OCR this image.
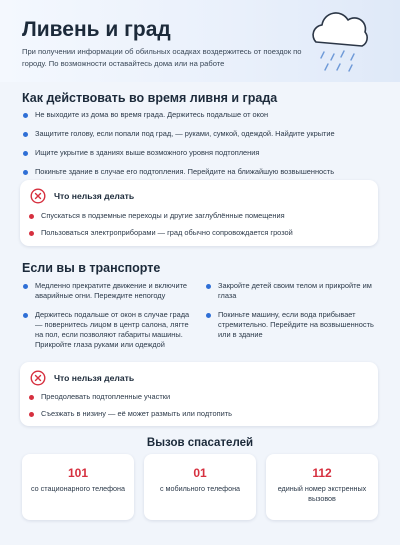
Ливень и град
При получении информации об обильных осадках воздержитесь от поездок по городу. По возможности оставайтесь дома или на работе
Как действовать во время ливня и града
Не выходите из дома во время града. Держитесь подальше от окон
Защитите голову, если попали под град, — руками, сумкой, одеждой. Найдите укрытие
Ищите укрытие в зданиях выше возможного уровня подтопления
Покиньте здание в случае его подтопления. Перейдите на ближайшую возвышенность
Что нельзя делать
Спускаться в подземные переходы и другие заглублённые помещения
Пользоваться электроприборами — град обычно сопровождается грозой
Если вы в транспорте
Медленно прекратите движение и включите аварийные огни. Переждите непогоду
Держитесь подальше от окон в случае града — повернитесь лицом в центр салона, лягте на пол, если позволяют габариты машины. Прикройте глаза руками или одеждой
Закройте детей своим телом и прикройте им глаза
Покиньте машину, если вода прибывает стремительно. Перейдите на возвышенность или в здание
Что нельзя делать
Преодолевать подтопленные участки
Съезжать в низину — её может размыть или подтопить
Вызов спасателей
101
со стационарного телефона
01
с мобильного телефона
112
единый номер экстренных вызовов
